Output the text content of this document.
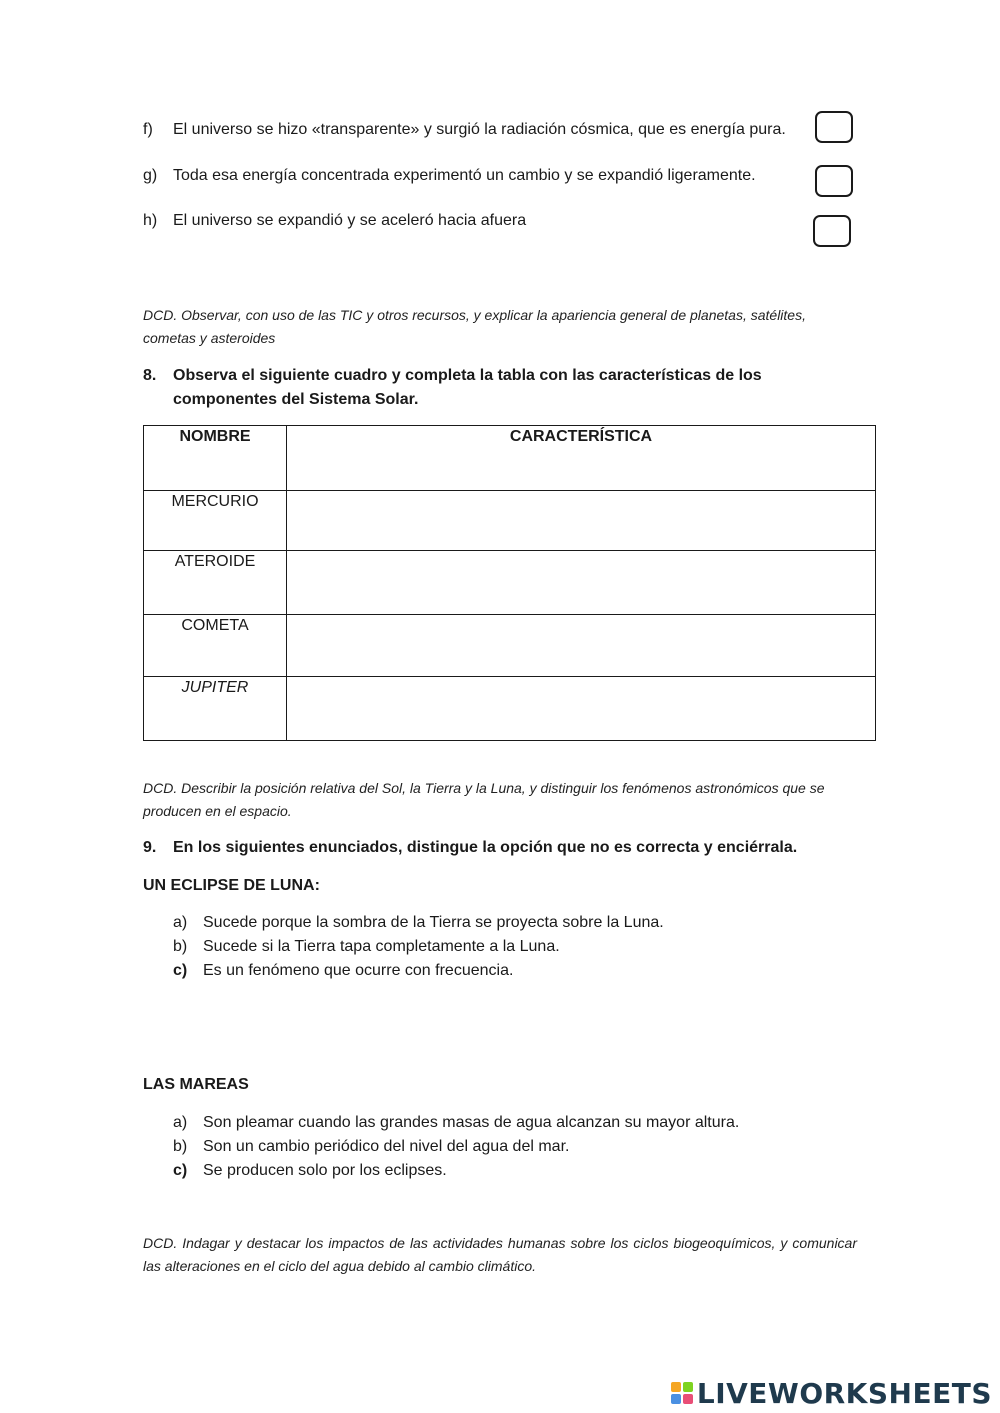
f) El universo se hizo «transparente» y surgió la radiación cósmica, que es energía pura.
g) Toda esa energía concentrada experimentó un cambio y se expandió ligeramente.
h) El universo se expandió y se aceleró hacia afuera
DCD. Observar, con uso de las TIC y otros recursos, y explicar la apariencia general de planetas, satélites, cometas y asteroides
8. Observa el siguiente cuadro y completa la tabla con las características de los componentes del Sistema Solar.
NOMBRE	CARACTERÍSTICA
MERCURIO	
ATEROIDE	
COMETA	
JUPITER	
DCD. Describir la posición relativa del Sol, la Tierra y la Luna, y distinguir los fenómenos astronómicos que se producen en el espacio.
9. En los siguientes enunciados, distingue la opción que no es correcta y enciérrala.
UN ECLIPSE DE LUNA:
a) Sucede porque la sombra de la Tierra se proyecta sobre la Luna.
b) Sucede si la Tierra tapa completamente a la Luna.
c) Es un fenómeno que ocurre con frecuencia.
LAS MAREAS
a) Son pleamar cuando las grandes masas de agua alcanzan su mayor altura.
b) Son un cambio periódico del nivel del agua del mar.
c) Se producen solo por los eclipses.
DCD. Indagar y destacar los impactos de las actividades humanas sobre los ciclos biogeoquímicos, y comunicar las alteraciones en el ciclo del agua debido al cambio climático.
LIVEWORKSHEETS
